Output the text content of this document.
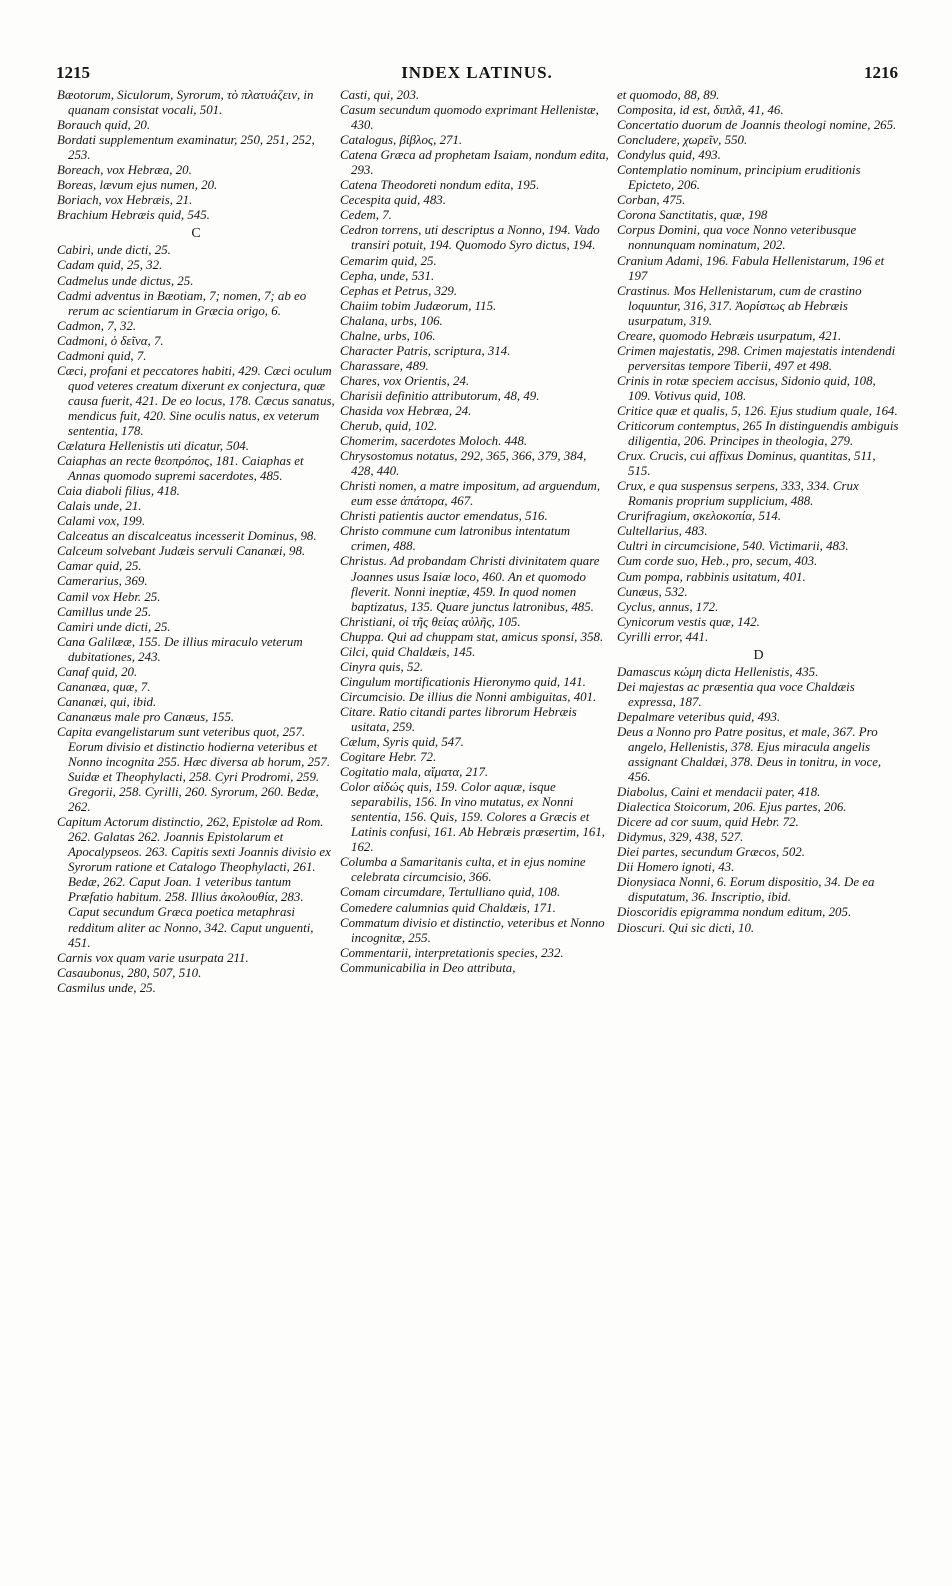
INDEX LATINUS.
1215	1216
Bæotorum, Siculorum, Syrorum, τὸ πλατυάζειν, in quanam consistat vocali, 501.
Borauch quid, 20.
Bordati supplementum examinatur, 250, 251, 252, 253.
Boreach, vox Hebræa, 20.
Boreas, lævum ejus numen, 20.
Boriach, vox Hebræis, 21.
Brachium Hebræis quid, 545.
C
Cabiri, unde dicti, 25.
Cadam quid, 25, 32.
Cadmelus unde dictus, 25.
Cadmi adventus in Bæotiam, 7; nomen, 7; ab eo rerum ac scientiarum in Græcia origo, 6.
Cadmon, 7, 32.
Cadmoni, ὁ δεῖνα, 7.
Cadmoni quid, 7.
Cæci, profani et peccatores habiti, 429. Cæci oculum quod veteres creatum dixerunt ex conjectura, quæ causa fuerit, 421. De eo locus, 178. Cæcus sanatus, mendicus fuit, 420. Sine oculis natus, ex veterum sententia, 178.
Cælatura Hellenistis uti dicatur, 504.
Caiaphas an recte θεοπρόπος, 181. Caiaphas et Annas quomodo supremi sacerdotes, 485.
Caia diaboli filius, 418.
Calais unde, 21.
Calami vox, 199.
Calceatus an discalceatus incesserit Dominus, 98.
Calceum solvebant Judæis servuli Cananæi, 98.
Camar quid, 25.
Camerarius, 369.
Camil vox Hebr. 25.
Camillus unde 25.
Camiri unde dicti, 25.
Cana Galilææ, 155. De illius miraculo veterum dubitationes, 243.
Canaf quid, 20.
Cananæa, quæ, 7.
Cananæi, qui, ibid.
Cananæus male pro Canæus, 155.
Capita evangelistarum sunt veteribus quot, 257. Eorum divisio et distinctio hodierna veteribus et Nonno incognita 255. Hæc diversa ab horum, 257. Suidæ et Theophylacti, 258. Cyri Prodromi, 259. Gregorii, 258. Cyrilli, 260. Syrorum, 260. Bedæ, 262.
Capitum Actorum distinctio, 262, Epistolæ ad Rom. 262. Galatas 262. Joannis Epistolarum et Apocalypseos. 263. Capitis sexti Joannis divisio ex Syrorum ratione et Catalogo Theophylacti, 261. Bedæ, 262. Caput Joan. 1 veteribus tantum Præfatio habitum. 258. Illius ἀκολουθία, 283. Caput secundum Græca poetica metaphrasi redditum aliter ac Nonno, 342. Caput unguenti, 451.
Carnis vox quam varie usurpata 211.
Casaubonus, 280, 507, 510.
Casmilus unde, 25.
Casti, qui, 203.
Casum secundum quomodo exprimant Hellenistæ, 430.
Catalogus, βίβλος, 271.
Catena Græca ad prophetam Isaiam, nondum edita, 293.
Catena Theodoreti nondum edita, 195.
Cecespita quid, 483.
Cedem, 7.
Cedron torrens, uti descriptus a Nonno, 194. Vado transiri potuit, 194. Quomodo Syro dictus, 194.
Cemarim quid, 25.
Cepha, unde, 531.
Cephas et Petrus, 329.
Chaiim tobim Judæorum, 115.
Chalana, urbs, 106.
Chalne, urbs, 106.
Character Patris, scriptura, 314.
Charassare, 489.
Chares, vox Orientis, 24.
Charisii definitio attributorum, 48, 49.
Chasida vox Hebræa, 24.
Cherub, quid, 102.
Chomerim, sacerdotes Moloch. 448.
Chrysostomus notatus, 292, 365, 366, 379, 384, 428, 440.
Christi nomen, a matre impositum, ad arguendum, eum esse ἀπάτορα, 467.
Christi patientis auctor emendatus, 516.
Christo commune cum latronibus intentatum crimen, 488.
Christus. Ad probandam Christi divinitatem quare Joannes usus Isaiæ loco, 460. An et quomodo fleverit. Nonni ineptiæ, 459. In quod nomen baptizatus, 135. Quare junctus latronibus, 485.
Christiani, οἱ τῆς θείας αὐλῆς, 105.
Chuppa. Qui ad chuppam stat, amicus sponsi, 358.
Cilci, quid Chaldæis, 145.
Cinyra quis, 52.
Cingulum mortificationis Hieronymo quid, 141.
Circumcisio. De illius die Nonni ambiguitas, 401.
Citare. Ratio citandi partes librorum Hebræis usitata, 259.
Cælum, Syris quid, 547.
Cogitare Hebr. 72.
Cogitatio mala, αἵματα, 217.
Color αἰδώς quis, 159. Color aquæ, isque separabilis, 156. In vino mutatus, ex Nonni sententia, 156. Quis, 159. Colores a Græcis et Latinis confusi, 161. Ab Hebræis præsertim, 161, 162.
Columba a Samaritanis culta, et in ejus nomine celebrata circumcisio, 366.
Comam circumdare, Tertulliano quid, 108.
Comedere calumnias quid Chaldæis, 171.
Commatum divisio et distinctio, veteribus et Nonno incognitæ, 255.
Commentarii, interpretationis species, 232.
Communicabilia in Deo attributa,
et quomodo, 88, 89.
Composita, id est, διπλᾶ, 41, 46.
Concertatio duorum de Joannis theologi nomine, 265.
Concludere, χωρεῖν, 550.
Condylus quid, 493.
Contemplatio nominum, principium eruditionis Epicteto, 206.
Corban, 475.
Corona Sanctitatis, quæ, 198
Corpus Domini, qua voce Nonno veteribusque nonnunquam nominatum, 202.
Cranium Adami, 196. Fabula Hellenistarum, 196 et 197
Crastinus. Mos Hellenistarum, cum de crastino loquuntur, 316, 317. Ἀορίστως ab Hebræis usurpatum, 319.
Creare, quomodo Hebræis usurpatum, 421.
Crimen majestatis, 298. Crimen majestatis intendendi perversitas tempore Tiberii, 497 et 498.
Crinis in rotæ speciem accisus, Sidonio quid, 108, 109. Votivus quid, 108.
Critice quæ et qualis, 5, 126. Ejus studium quale, 164.
Criticorum contemptus, 265 In distinguendis ambiguis diligentia, 206. Principes in theologia, 279.
Crux. Crucis, cui affixus Dominus, quantitas, 511, 515.
Crux, e qua suspensus serpens, 333, 334. Crux Romanis proprium supplicium, 488.
Crurifragium, σκελοκοπία, 514.
Cultellarius, 483.
Cultri in circumcisione, 540. Victimarii, 483.
Cum corde suo, Heb., pro, secum, 403.
Cum pompa, rabbinis usitatum, 401.
Cunæus, 532.
Cyclus, annus, 172.
Cynicorum vestis quæ, 142.
Cyrilli error, 441.
D
Damascus κώμη dicta Hellenistis, 435.
Dei majestas ac præsentia qua voce Chaldæis expressa, 187.
Depalmare veteribus quid, 493.
Deus a Nonno pro Patre positus, et male, 367. Pro angelo, Hellenistis, 378. Ejus miracula angelis assignant Chaldæi, 378. Deus in tonitru, in voce, 456.
Diabolus, Caini et mendacii pater, 418.
Dialectica Stoicorum, 206. Ejus partes, 206.
Dicere ad cor suum, quid Hebr. 72.
Didymus, 329, 438, 527.
Diei partes, secundum Græcos, 502.
Dii Homero ignoti, 43.
Dionysiaca Nonni, 6. Eorum dispositio, 34. De ea disputatum, 36. Inscriptio, ibid.
Dioscoridis epigramma nondum editum, 205.
Dioscuri. Qui sic dicti, 10.
